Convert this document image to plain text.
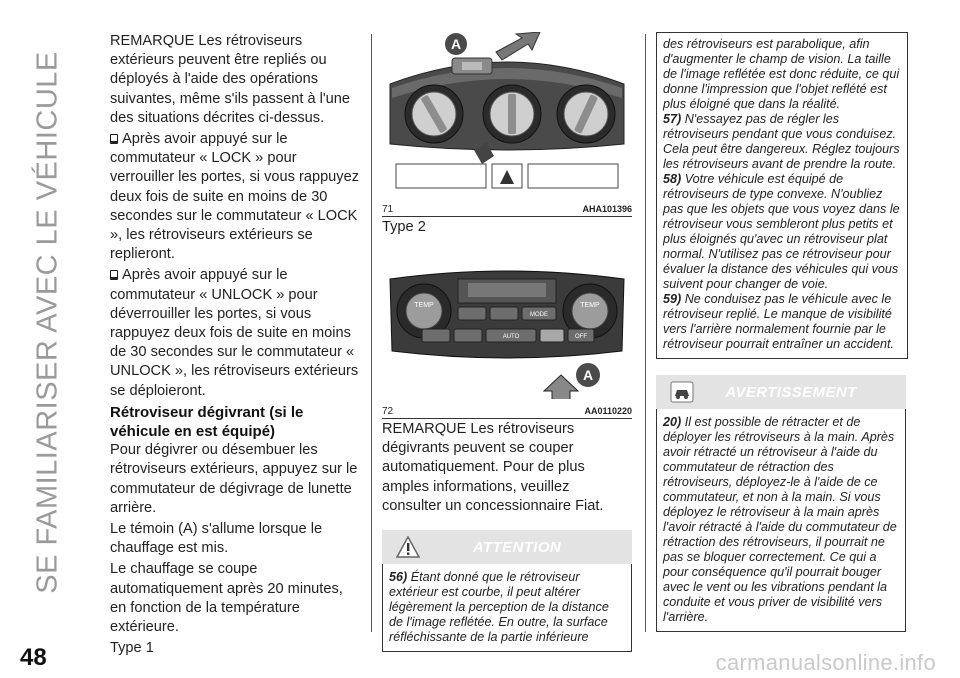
SE FAMILIARISER AVEC LE VÉHICULE
48	carmanualsonline.info

REMARQUE Les rétroviseurs extérieurs peuvent être repliés ou déployés à l'aide des opérations suivantes, même s'ils passent à l'une des situations décrites ci-dessus.

Après avoir appuyé sur le commutateur « LOCK » pour verrouiller les portes, si vous rappuyez deux fois de suite en moins de 30 secondes sur le commutateur « LOCK », les rétroviseurs extérieurs se replieront.

Après avoir appuyé sur le commutateur « UNLOCK » pour déverrouiller les portes, si vous rappuyez deux fois de suite en moins de 30 secondes sur le commutateur « UNLOCK », les rétroviseurs extérieurs se déploieront.

Rétroviseur dégivrant (si le véhicule en est équipé)

Pour dégivrer ou désembuer les rétroviseurs extérieurs, appuyez sur le commutateur de dégivrage de lunette arrière.

Le témoin (A) s'allume lorsque le chauffage est mis.

Le chauffage se coupe automatiquement après 20 minutes, en fonction de la température extérieure.

Type 1

A
71	AHA101396
Type 2
TEMP	TEMP
MODE
AUTO	OFF
A
72	AA0110220

REMARQUE Les rétroviseurs dégivrants peuvent se couper automatiquement. Pour de plus amples informations, veuillez consulter un concessionnaire Fiat.

ATTENTION

56) Étant donné que le rétroviseur extérieur est courbe, il peut altérer légèrement la perception de la distance de l'image reflétée. En outre, la surface réfléchissante de la partie inférieure

des rétroviseurs est parabolique, afin d'augmenter le champ de vision. La taille de l'image reflétée est donc réduite, ce qui donne l'impression que l'objet reflété est plus éloigné que dans la réalité.

57) N'essayez pas de régler les rétroviseurs pendant que vous conduisez. Cela peut être dangereux. Réglez toujours les rétroviseurs avant de prendre la route.

58) Votre véhicule est équipé de rétroviseurs de type convexe. N'oubliez pas que les objets que vous voyez dans le rétroviseur vous sembleront plus petits et plus éloignés qu'avec un rétroviseur plat normal. N'utilisez pas ce rétroviseur pour évaluer la distance des véhicules qui vous suivent pour changer de voie.

59) Ne conduisez pas le véhicule avec le rétroviseur replié. Le manque de visibilité vers l'arrière normalement fournie par le rétroviseur pourrait entraîner un accident.

AVERTISSEMENT

20) Il est possible de rétracter et de déployer les rétroviseurs à la main. Après avoir rétracté un rétroviseur à l'aide du commutateur de rétraction des rétroviseurs, déployez-le à l'aide de ce commutateur, et non à la main. Si vous déployez le rétroviseur à la main après l'avoir rétracté à l'aide du commutateur de rétraction des rétroviseurs, il pourrait ne pas se bloquer correctement. Ce qui a pour conséquence qu'il pourrait bouger avec le vent ou les vibrations pendant la conduite et vous priver de visibilité vers l'arrière.
